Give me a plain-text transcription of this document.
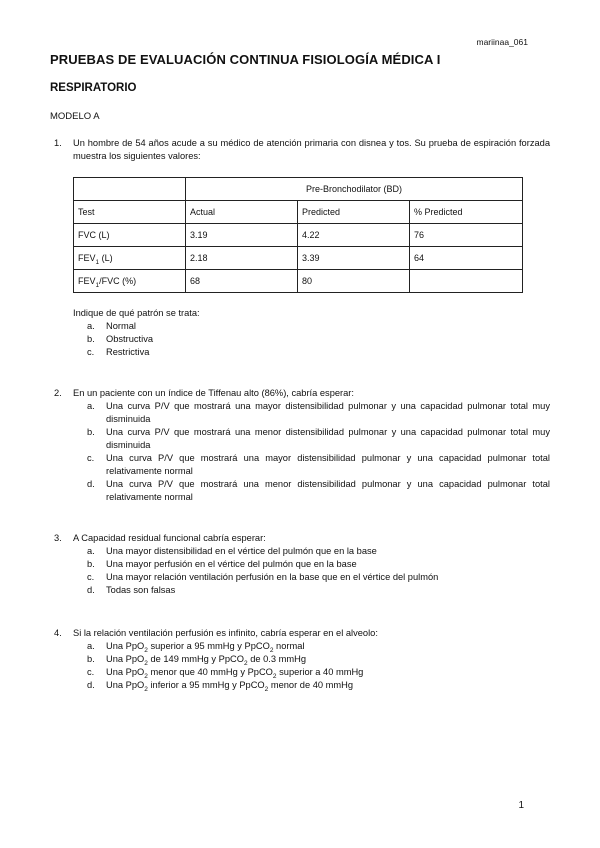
mariinaa_061
PRUEBAS DE EVALUACIÓN CONTINUA FISIOLOGÍA MÉDICA I
RESPIRATORIO
MODELO A
1. Un hombre de 54 años acude a su médico de atención primaria con disnea y tos. Su prueba de espiración forzada muestra los siguientes valores:
	Pre-Bronchodilator (BD)		
Test	Actual	Predicted	% Predicted
FVC (L)	3.19	4.22	76
$FEV_1$ (L)	2.18	3.39	64
$FEV_1$/FVC (%)	68	80	
Indique de qué patrón se trata:
a. Normal
b. Obstructiva
c. Restrictiva
2. En un paciente con un índice de Tiffenau alto (86%), cabría esperar:
a. Una curva P/V que mostrará una mayor distensibilidad pulmonar y una capacidad pulmonar total muy disminuida
b. Una curva P/V que mostrará una menor distensibilidad pulmonar y una capacidad pulmonar total muy disminuida
c. Una curva P/V que mostrará una mayor distensibilidad pulmonar y una capacidad pulmonar total relativamente normal
d. Una curva P/V que mostrará una menor distensibilidad pulmonar y una capacidad pulmonar total relativamente normal
3. A Capacidad residual funcional cabría esperar:
a. Una mayor distensibilidad en el vértice del pulmón que en la base
b. Una mayor perfusión en el vértice del pulmón que en la base
c. Una mayor relación ventilación perfusión en la base que en el vértice del pulmón
d. Todas son falsas
4. Si la relación ventilación perfusión es infinito, cabría esperar en el alveolo:
a. Una PpO$_2$ superior a 95 mmHg y PpCO$_2$ normal
b. Una PpO$_2$ de 149 mmHg y PpCO$_2$ de 0.3 mmHg
c. Una PpO$_2$ menor que 40 mmHg y PpCO$_2$ superior a 40 mmHg
d. Una PpO$_2$ inferior a 95 mmHg y PpCO$_2$ menor de 40 mmHg
1
